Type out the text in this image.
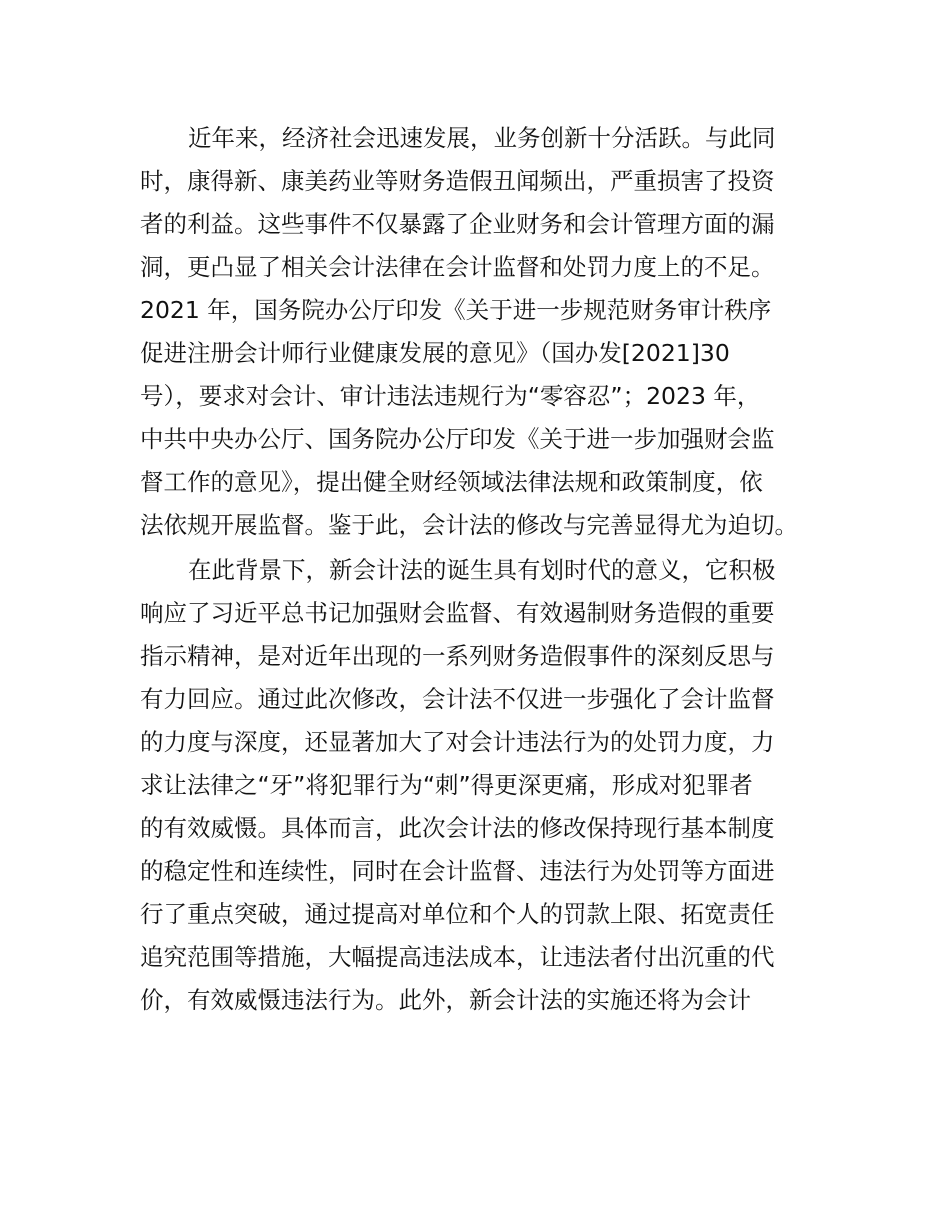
近年来，经济社会迅速发展，业务创新十分活跃。与此同
时，康得新、康美药业等财务造假丑闻频出，严重损害了投资
者的利益。这些事件不仅暴露了企业财务和会计管理方面的漏
洞，更凸显了相关会计法律在会计监督和处罚力度上的不足。
2021 年，国务院办公厅印发《关于进一步规范财务审计秩序
促进注册会计师行业健康发展的意见》（国办发[2021]30
号），要求对会计、审计违法违规行为“零容忍”；2023 年，
中共中央办公厅、国务院办公厅印发《关于进一步加强财会监
督工作的意见》，提出健全财经领域法律法规和政策制度，依
法依规开展监督。鉴于此，会计法的修改与完善显得尤为迫切。
在此背景下，新会计法的诞生具有划时代的意义，它积极
响应了习近平总书记加强财会监督、有效遏制财务造假的重要
指示精神，是对近年出现的一系列财务造假事件的深刻反思与
有力回应。通过此次修改，会计法不仅进一步强化了会计监督
的力度与深度，还显著加大了对会计违法行为的处罚力度，力
求让法律之“牙”将犯罪行为“刺”得更深更痛，形成对犯罪者
的有效威慑。具体而言，此次会计法的修改保持现行基本制度
的稳定性和连续性，同时在会计监督、违法行为处罚等方面进
行了重点突破，通过提高对单位和个人的罚款上限、拓宽责任
追究范围等措施，大幅提高违法成本，让违法者付出沉重的代
价，有效威慑违法行为。此外，新会计法的实施还将为会计
